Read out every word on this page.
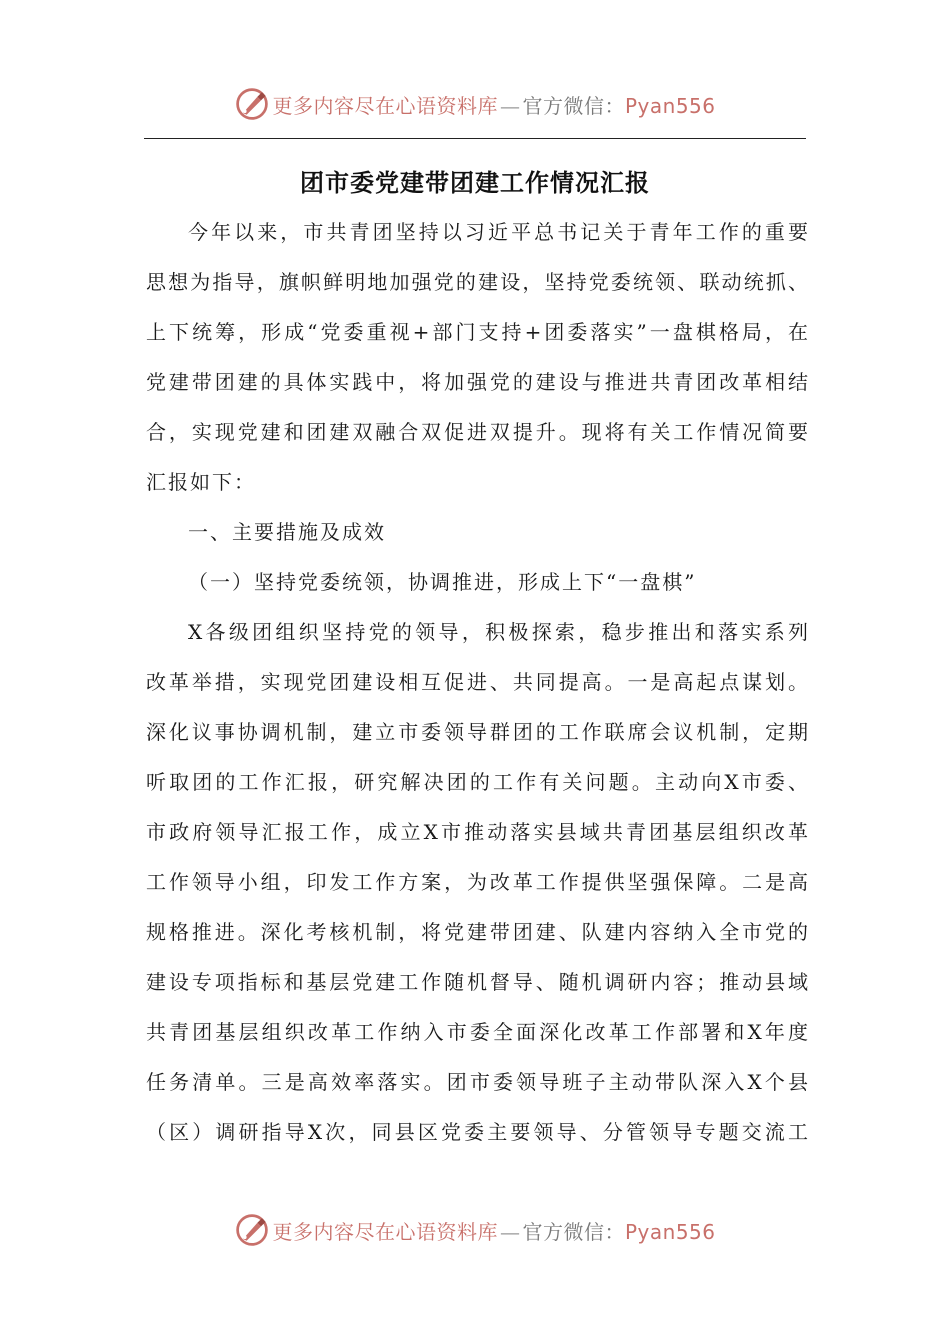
更多内容尽在心语资料库 — 官方微信：Pyan556
团市委党建带团建工作情况汇报
今年以来，市共青团坚持以习近平总书记关于青年工作的重要
思想为指导，旗帜鲜明地加强党的建设，坚持党委统领、联动统抓、
上下统筹，形成“党委重视+部门支持+团委落实”一盘棋格局，在
党建带团建的具体实践中，将加强党的建设与推进共青团改革相结
合，实现党建和团建双融合双促进双提升。现将有关工作情况简要
汇报如下：
一、主要措施及成效
（一）坚持党委统领，协调推进，形成上下“一盘棋”
X各级团组织坚持党的领导，积极探索，稳步推出和落实系列
改革举措，实现党团建设相互促进、共同提高。一是高起点谋划。
深化议事协调机制，建立市委领导群团的工作联席会议机制，定期
听取团的工作汇报，研究解决团的工作有关问题。主动向X市委、
市政府领导汇报工作，成立X市推动落实县域共青团基层组织改革
工作领导小组，印发工作方案，为改革工作提供坚强保障。二是高
规格推进。深化考核机制，将党建带团建、队建内容纳入全市党的
建设专项指标和基层党建工作随机督导、随机调研内容；推动县域
共青团基层组织改革工作纳入市委全面深化改革工作部署和X年度
任务清单。三是高效率落实。团市委领导班子主动带队深入X个县
（区）调研指导X次，同县区党委主要领导、分管领导专题交流工
更多内容尽在心语资料库 — 官方微信：Pyan556
